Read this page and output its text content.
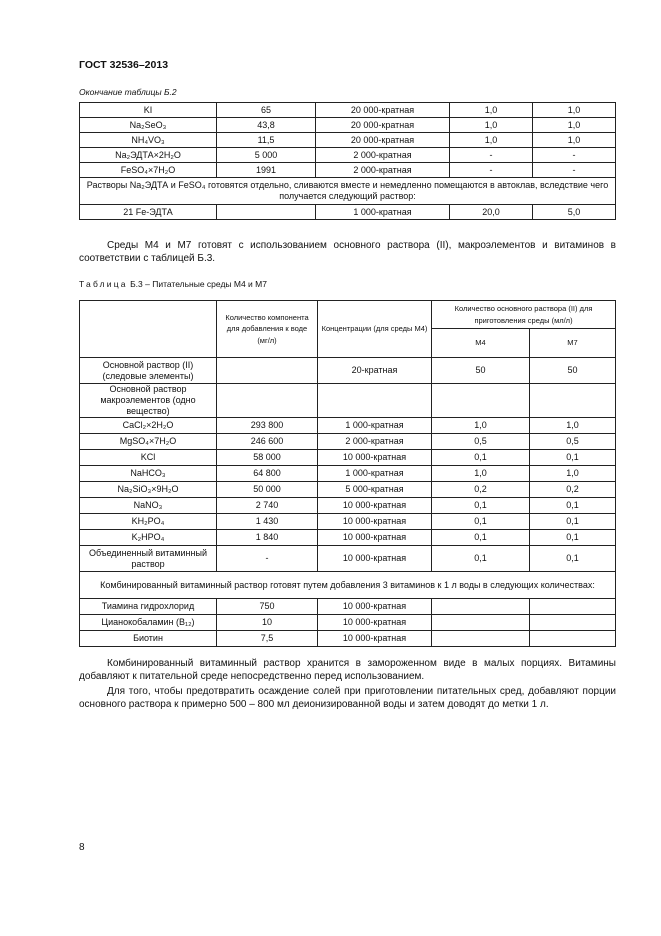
ГОСТ 32536–2013
Окончание таблицы Б.2
KI	65	20 000-кратная	1,0	1,0
Na₂SeO₃	43,8	20 000-кратная	1,0	1,0
NH₄VO₃	11,5	20 000-кратная	1,0	1,0
Na₂ЭДТА×2H₂O	5 000	2 000-кратная	-	-
FeSO₄×7H₂O	1991	2 000-кратная	-	-
Растворы Na₂ЭДТА и FeSO₄ готовятся отдельно, сливаются вместе и немедленно помещаются в автоклав, вследствие чего получается следующий раствор:				
21 Fe-ЭДТА		1 000-кратная	20,0	5,0

Среды М4 и М7 готовят с использованием основного раствора (II), макроэлементов и витаминов в соответствии с таблицей Б.3.

Таблица Б.3 – Питательные среды М4 и М7
	Количество компонента для добавления к воде (мг/л)	Концентрации (для среды М4)	Количество основного раствора (II) для приготовления среды (мл/л)	
			М4	М7
Основной раствор (II) (следовые элементы)		20-кратная	50	50
Основной раствор макроэлементов (одно вещество)				
CaCl₂×2H₂O	293 800	1 000-кратная	1,0	1,0
MgSO₄×7H₂O	246 600	2 000-кратная	0,5	0,5
KCl	58 000	10 000-кратная	0,1	0,1
NaHCO₃	64 800	1 000-кратная	1,0	1,0
Na₂SiO₃×9H₂O	50 000	5 000-кратная	0,2	0,2
NaNO₃	2 740	10 000-кратная	0,1	0,1
KH₂PO₄	1 430	10 000-кратная	0,1	0,1
K₂HPO₄	1 840	10 000-кратная	0,1	0,1
Объединенный витаминный раствор	-	10 000-кратная	0,1	0,1
Комбинированный витаминный раствор готовят путем добавления 3 витаминов к 1 л воды в следующих количествах:				
Тиамина гидрохлорид	750	10 000-кратная		
Цианокобаламин (B₁₂)	10	10 000-кратная		
Биотин	7,5	10 000-кратная		

Комбинированный витаминный раствор хранится в замороженном виде в малых порциях. Витамины добавляют к питательной среде непосредственно перед использованием.

Для того, чтобы предотвратить осаждение солей при приготовлении питательных сред, добавляют порции основного раствора к примерно 500 – 800 мл деионизированной воды и затем доводят до метки 1 л.

8
